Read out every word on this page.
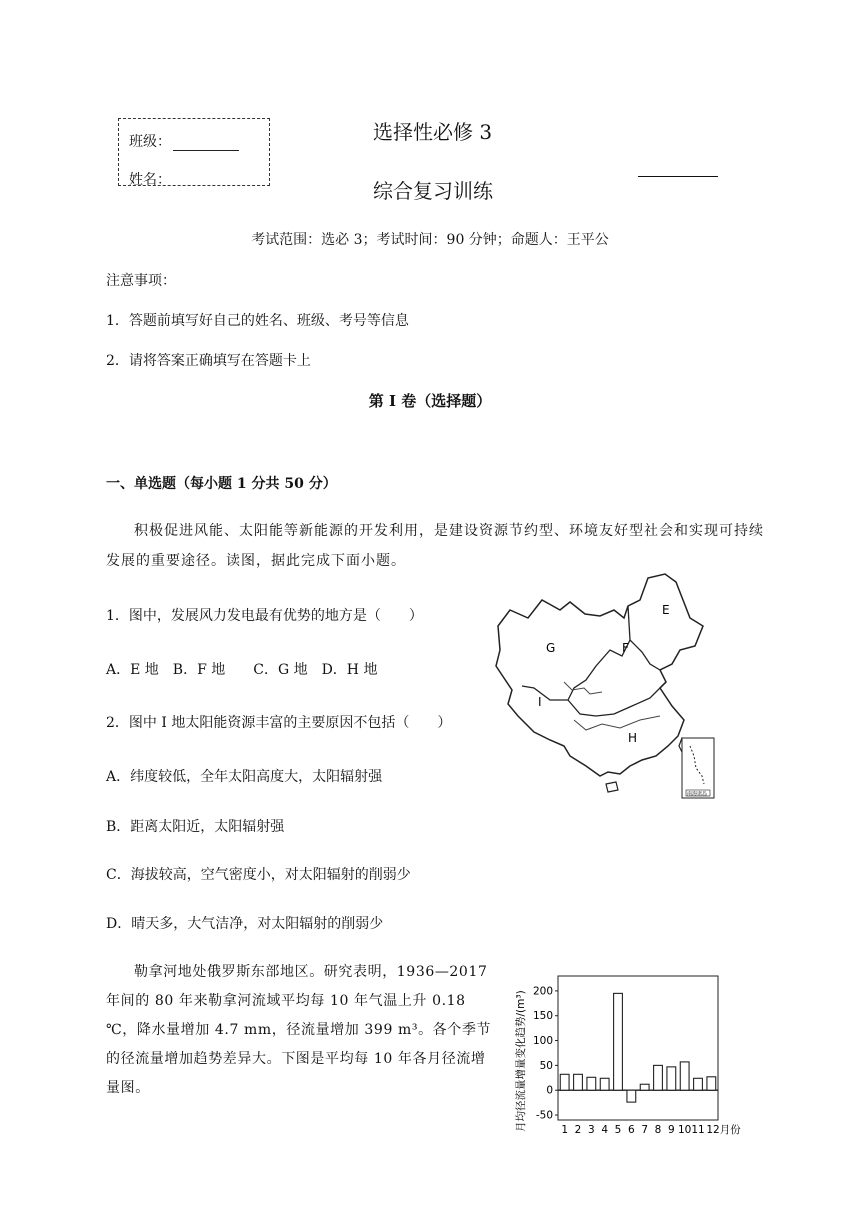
班级：
姓名：
选择性必修 3
综合复习训练
考试范围：选必 3；考试时间：90 分钟；命题人：王平公
注意事项：
1．答题前填写好自己的姓名、班级、考号等信息
2．请将答案正确填写在答题卡上
第 I 卷（选择题）
一、单选题（每小题 1 分共 50 分）
积极促进风能、太阳能等新能源的开发利用，是建设资源节约型、环境友好型社会和实现可持续发展的重要途径。读图，据此完成下面小题。
1．图中，发展风力发电最有优势的地方是（　　）
A．E 地　B．F 地　　C．G 地　D．H 地
2．图中 I 地太阳能资源丰富的主要原因不包括（　　）
A．纬度较低，全年太阳高度大，太阳辐射强
B．距离太阳近，太阳辐射强
C．海拔较高，空气密度小，对太阳辐射的削弱少
D．晴天多，大气洁净，对太阳辐射的削弱少
E
F
G
I
H
南海诸岛
勒拿河地处俄罗斯东部地区。研究表明，1936—2017 年间的 80 年来勒拿河流域平均每 10 年气温上升 0.18 ℃，降水量增加 4.7 mm，径流量增加 399 m³。各个季节的径流量增加趋势差异大。下图是平均每 10 年各月径流增量图。	月均径流量增量变化趋势/(m³) 200
150
100
50
0
-50
1 2 3 4 5 6 7 8 9 10 11 12月份
